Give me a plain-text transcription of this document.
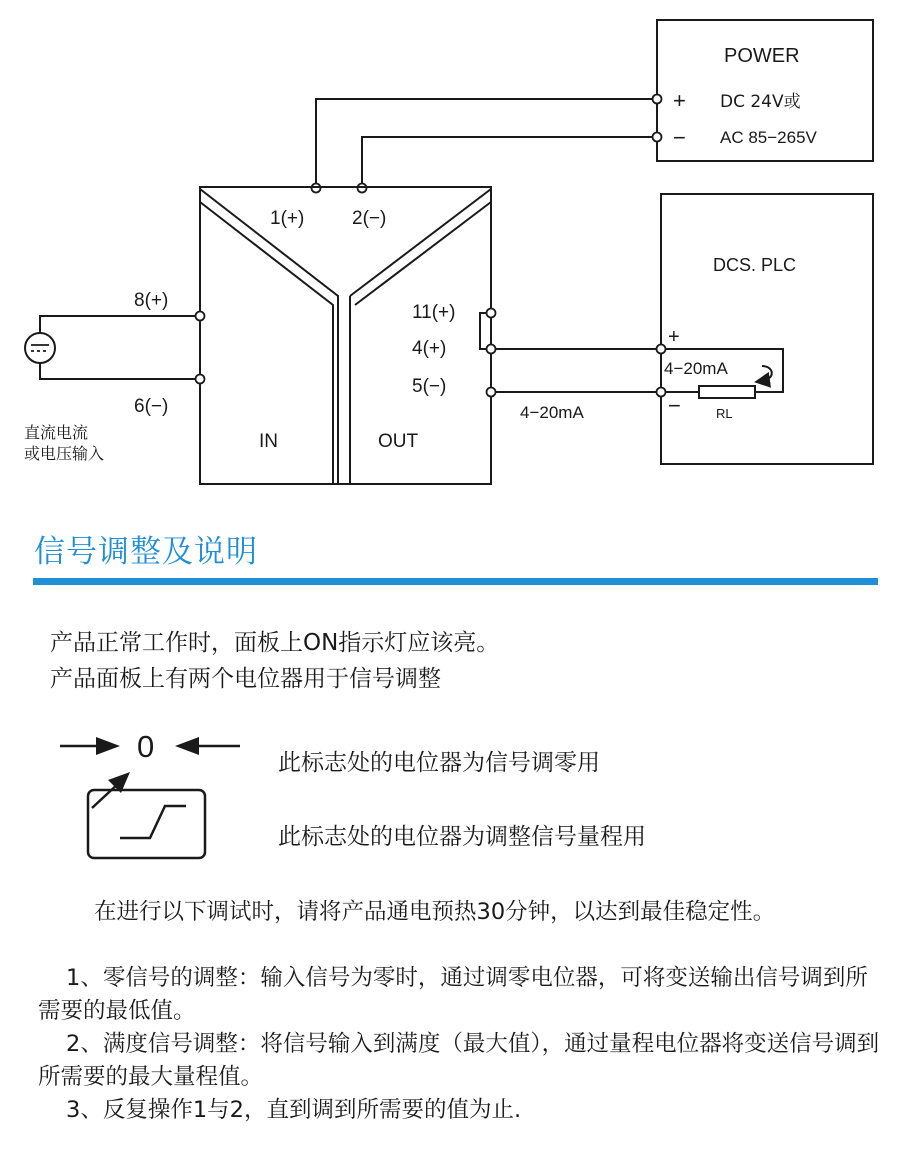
POWER
+
−
DC 24V或
AC 85−265V
1(+)	2(−)
IN	OUT
8(+)
6(−)
直流电流
或电压输入
11(+)
4(+)
5(−)
4−20mA
DCS. PLC
+
−	RL
4−20mA
信号调整及说明
产品正常工作时，面板上ON指示灯应该亮。
产品面板上有两个电位器用于信号调整
0	此标志处的电位器为信号调零用
此标志处的电位器为调整信号量程用
在进行以下调试时，请将产品通电预热30分钟，以达到最佳稳定性。
1、零信号的调整：输入信号为零时，通过调零电位器，可将变送输出信号调到所需要的最低值。
2、满度信号调整：将信号输入到满度（最大值），通过量程电位器将变送信号调到所需要的最大量程值。
3、反复操作1与2，直到调到所需要的值为止.
